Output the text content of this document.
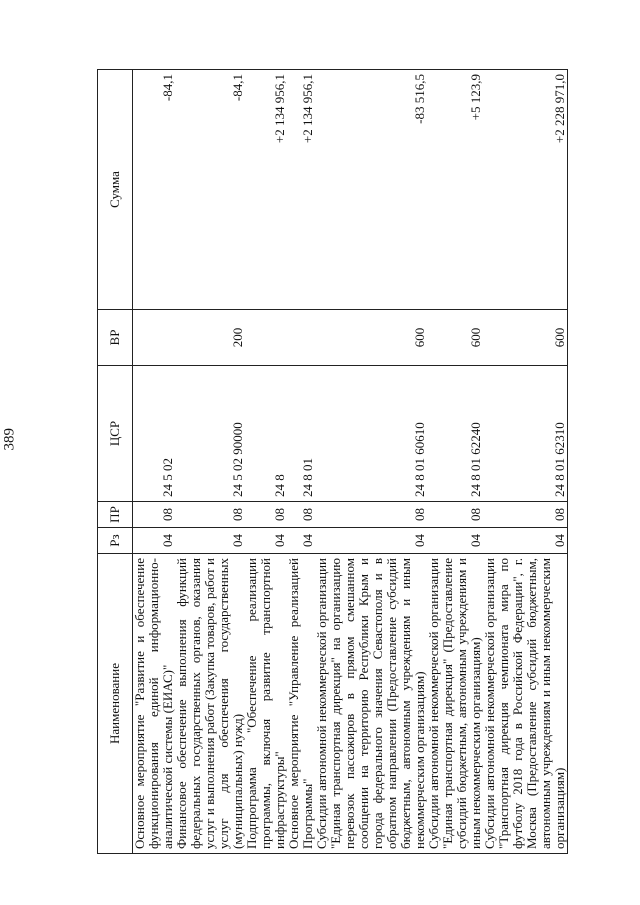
389
Наименование	Рз	ПР	ЦСР	ВР	Сумма
Основное мероприятие "Развитие и обеспечение функционирования единой информационно-аналитической системы (ЕИАС)"	04	08	24 5 02		-84,1
Финансовое обеспечение выполнения функций федеральных государственных органов, оказания услуг и выполнения работ (Закупка товаров, работ и услуг для обеспечения государственных (муниципальных) нужд)	04	08	24 5 02 90000	200	-84,1
Подпрограмма "Обеспечение реализации программы, включая развитие транспортной инфраструктуры"	04	08	24 8		+2 134 956,1
Основное мероприятие "Управление реализацией Программы"	04	08	24 8 01		+2 134 956,1
Субсидии автономной некоммерческой организации "Единая транспортная дирекция" на организацию перевозок пассажиров в прямом смешанном сообщении на территорию Республики Крым и города федерального значения Севастополя и в обратном направлении (Предоставление субсидий бюджетным, автономным учреждениям и иным некоммерческим организациям)	04	08	24 8 01 60610	600	-83 516,5
Субсидии автономной некоммерческой организации "Единая транспортная дирекция" (Предоставление субсидий бюджетным, автономным учреждениям и иным некоммерческим организациям)	04	08	24 8 01 62240	600	+5 123,9
Субсидии автономной некоммерческой организации "Транспортная дирекция чемпионата мира по футболу 2018 года в Российской Федерации", г. Москва (Предоставление субсидий бюджетным, автономным учреждениям и иным некоммерческим организациям)	04	08	24 8 01 62310	600	+2 228 971,0
